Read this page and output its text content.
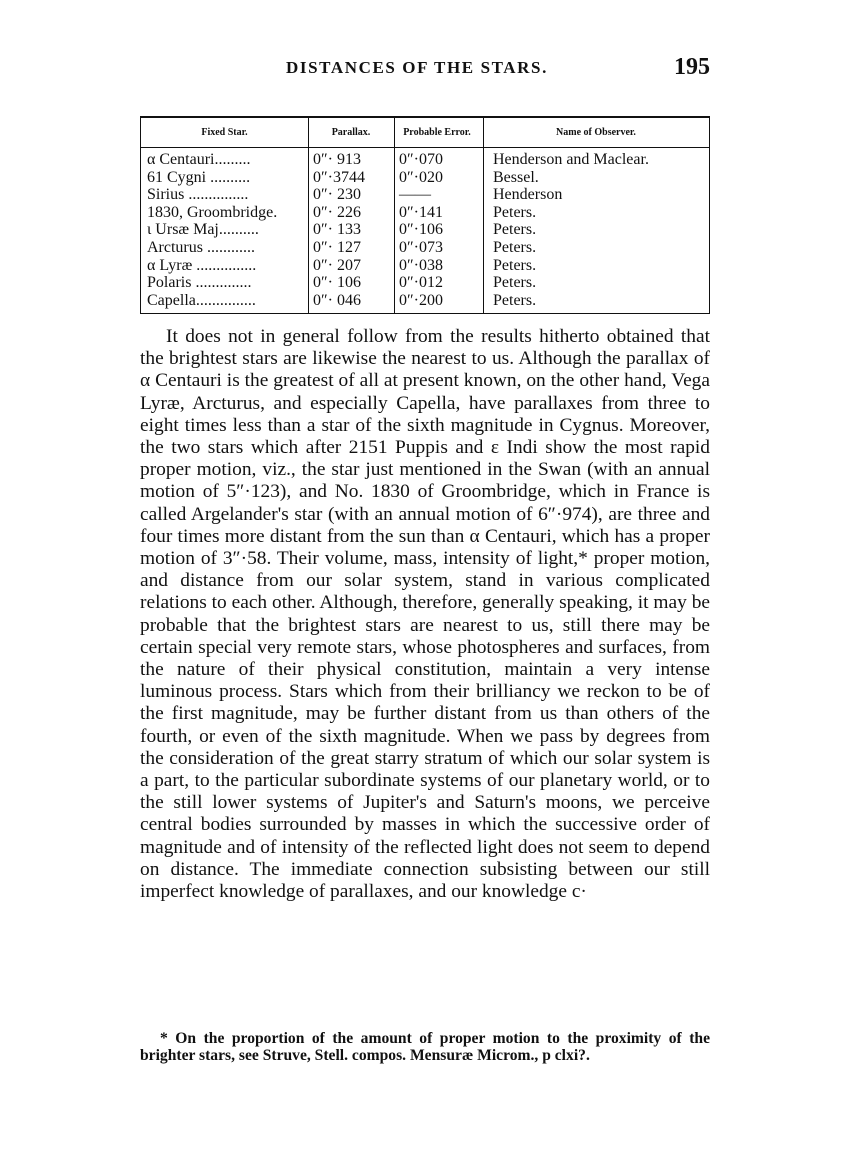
DISTANCES OF THE STARS.	195
Fixed Star.	Parallax.	Probable Error.	Name of Observer.
α Centauri.........	0″· 913 0″·070	Henderson and Maclear.
61 Cygni ..........	0″·3744 0″·020	Bessel.
Sirius ...............	0″· 230 ——	Henderson
1830, Groombridge.	0″· 226 0″·141	Peters.
ι Ursæ Maj..........	0″· 133 0″·106	Peters.
Arcturus ............	0″· 127 0″·073	Peters.
α Lyræ ...............	0″· 207 0″·038	Peters.
Polaris ..............	0″· 106 0″·012	Peters.
Capella...............	0″· 046 0″·200	Peters.

It does not in general follow from the results hitherto obtained that the brightest stars are likewise the nearest to us. Although the parallax of α Centauri is the greatest of all at present known, on the other hand, Vega Lyræ, Arcturus, and especially Capella, have parallaxes from three to eight times less than a star of the sixth magnitude in Cygnus. Moreover, the two stars which after 2151 Puppis and ε Indi show the most rapid proper motion, viz., the star just mentioned in the Swan (with an annual motion of 5″·123), and No. 1830 of Groombridge, which in France is called Argelander's star (with an annual motion of 6″·974), are three and four times more distant from the sun than α Centauri, which has a proper motion of 3″·58. Their volume, mass, intensity of light,* proper motion, and distance from our solar system, stand in various complicated relations to each other. Although, therefore, generally speaking, it may be probable that the brightest stars are nearest to us, still there may be certain special very remote stars, whose photospheres and surfaces, from the nature of their physical constitution, maintain a very intense luminous process. Stars which from their brilliancy we reckon to be of the first magnitude, may be further distant from us than others of the fourth, or even of the sixth magnitude. When we pass by degrees from the consideration of the great starry stratum of which our solar system is a part, to the particular subordinate systems of our planetary world, or to the still lower systems of Jupiter's and Saturn's moons, we perceive central bodies surrounded by masses in which the successive order of magnitude and of intensity of the reflected light does not seem to depend on distance. The immediate connection subsisting between our still imperfect knowledge of parallaxes, and our knowledge c·

* On the proportion of the amount of proper motion to the proximity of the brighter stars, see Struve, Stell. compos. Mensuræ Microm., p clxi?.
